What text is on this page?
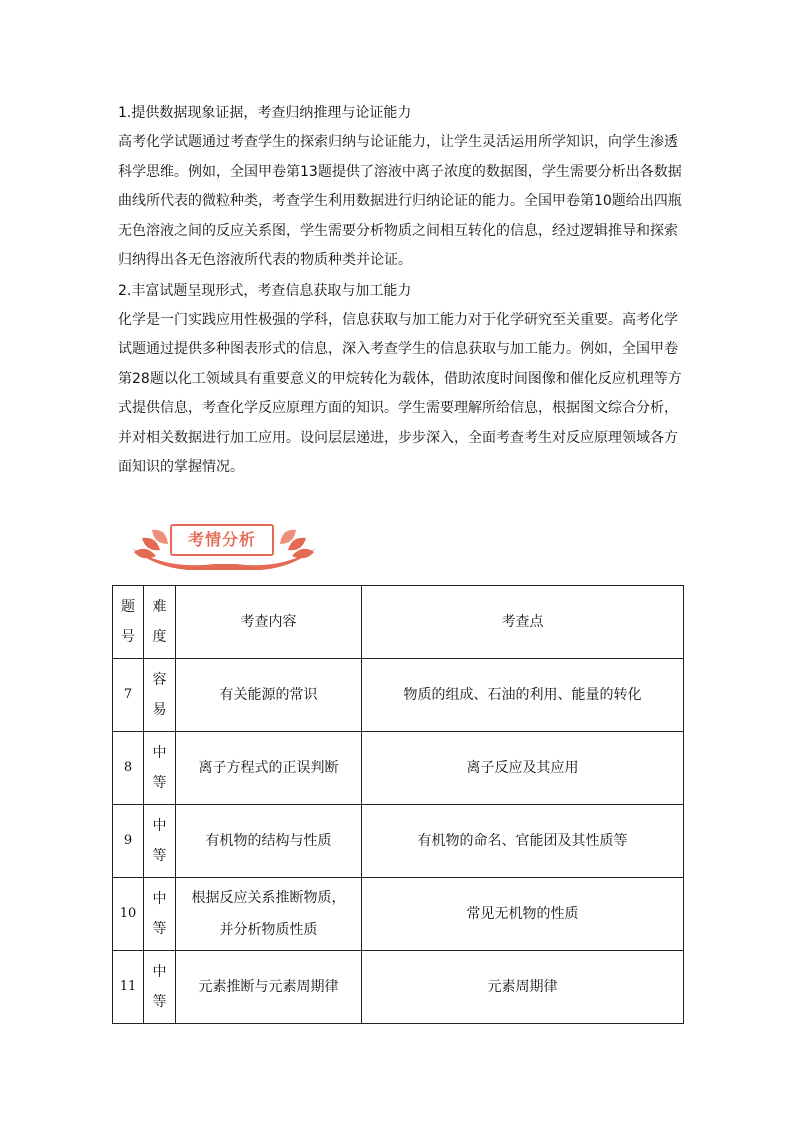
1.提供数据现象证据，考查归纳推理与论证能力

高考化学试题通过考查学生的探索归纳与论证能力，让学生灵活运用所学知识，向学生渗透科学思维。例如，全国甲卷第13题提供了溶液中离子浓度的数据图，学生需要分析出各数据曲线所代表的微粒种类，考查学生利用数据进行归纳论证的能力。全国甲卷第10题给出四瓶无色溶液之间的反应关系图，学生需要分析物质之间相互转化的信息，经过逻辑推导和探索归纳得出各无色溶液所代表的物质种类并论证。

2.丰富试题呈现形式，考查信息获取与加工能力

化学是一门实践应用性极强的学科，信息获取与加工能力对于化学研究至关重要。高考化学试题通过提供多种图表形式的信息，深入考查学生的信息获取与加工能力。例如，全国甲卷第28题以化工领域具有重要意义的甲烷转化为载体，借助浓度时间图像和催化反应机理等方式提供信息，考查化学反应原理方面的知识。学生需要理解所给信息，根据图文综合分析，并对相关数据进行加工应用。设问层层递进，步步深入，全面考查考生对反应原理领域各方面知识的掌握情况。

考情分析
题号	难度	考查内容	考查点
7	容易	有关能源的常识	物质的组成、石油的利用、能量的转化
8	中等	离子方程式的正误判断	离子反应及其应用
9	中等	有机物的结构与性质	有机物的命名、官能团及其性质等
10	中等	根据反应关系推断物质，并分析物质性质	常见无机物的性质
11	中等	元素推断与元素周期律	元素周期律
